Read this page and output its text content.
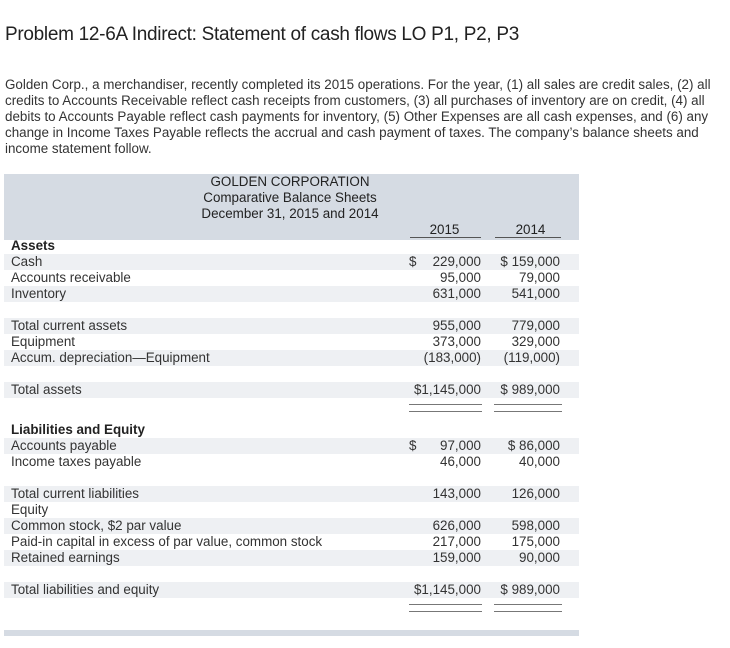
Problem 12-6A Indirect: Statement of cash flows LO P1, P2, P3
Golden Corp., a merchandiser, recently completed its 2015 operations. For the year, (1) all sales are credit sales, (2) all credits to Accounts Receivable reflect cash receipts from customers, (3) all purchases of inventory are on credit, (4) all debits to Accounts Payable reflect cash payments for inventory, (5) Other Expenses are all cash expenses, and (6) any change in Income Taxes Payable reflects the accrual and cash payment of taxes. The company’s balance sheets and income statement follow.
GOLDEN CORPORATION
Comparative Balance Sheets
December 31, 2015 and 2014
2015	2014
Assets
Cash	$	229,000	$ 159,000
Accounts receivable	95,000	79,000
Inventory	631,000	541,000
Total current assets	955,000	779,000
Equipment	373,000	329,000
Accum. depreciation—Equipment	(183,000)	(119,000)
Total assets	$1,145,000	$ 989,000
Liabilities and Equity
Accounts payable	$	97,000	$ 86,000
Income taxes payable	46,000	40,000
Total current liabilities	143,000	126,000
Equity
Common stock, $2 par value	626,000	598,000
Paid-in capital in excess of par value, common stock	217,000	175,000
Retained earnings	159,000	90,000
Total liabilities and equity	$1,145,000	$ 989,000
